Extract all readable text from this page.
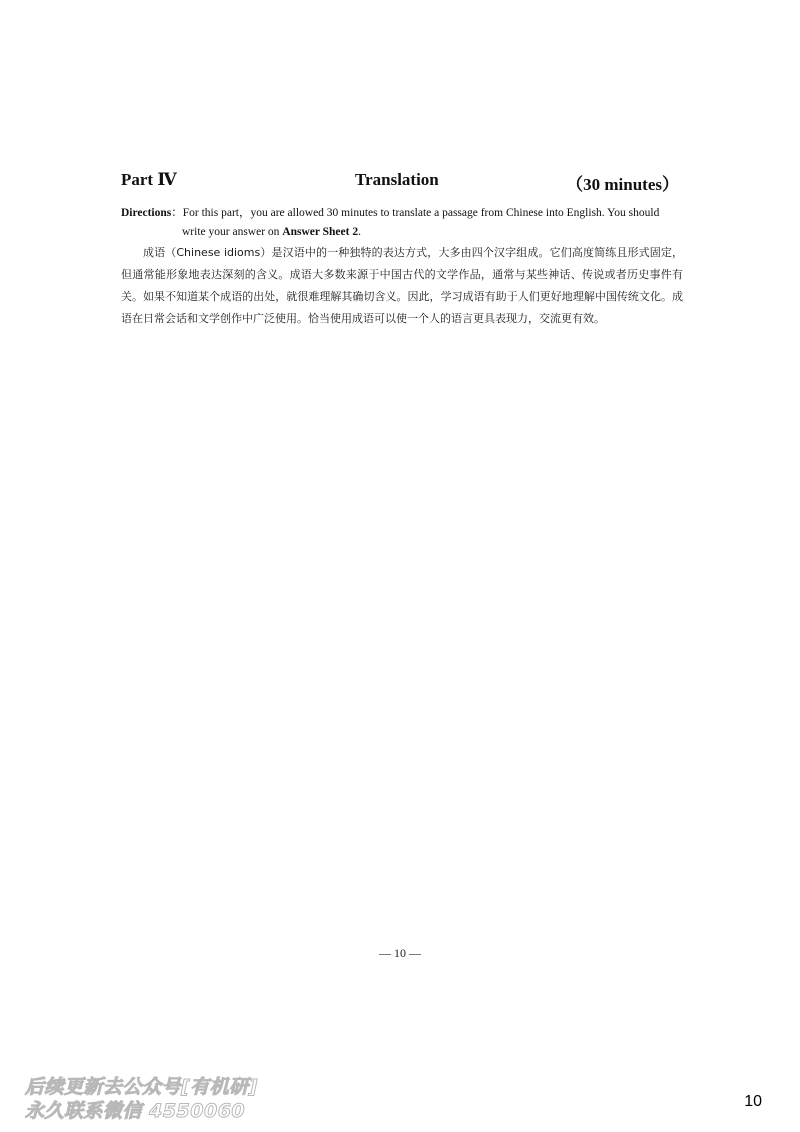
Part Ⅳ	Translation	（30 minutes）
Directions：For this part，you are allowed 30 minutes to translate a passage from Chinese into English. You should
write your answer on Answer Sheet 2.

成语（Chinese idioms）是汉语中的一种独特的表达方式，大多由四个汉字组成。它们高度简练且形式固定，但通常能形象地表达深刻的含义。成语大多数来源于中国古代的文学作品，通常与某些神话、传说或者历史事件有关。如果不知道某个成语的出处，就很难理解其确切含义。因此，学习成语有助于人们更好地理解中国传统文化。成语在日常会话和文学创作中广泛使用。恰当使用成语可以使一个人的语言更具表现力，交流更有效。

— 10 —
后续更新去公众号[有机研]
永久联系微信 4550060	10
